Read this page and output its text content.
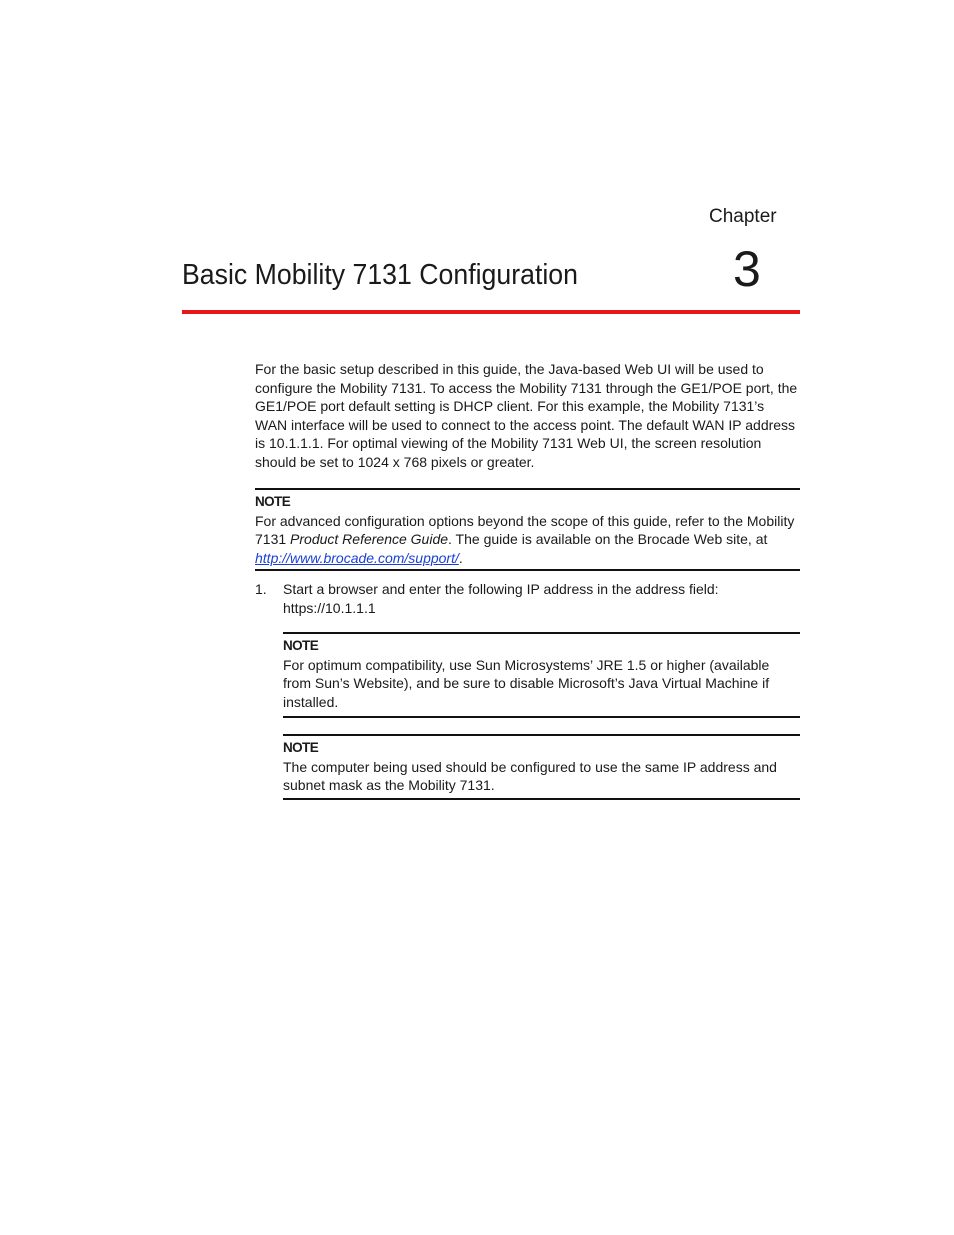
Chapter
3
Basic Mobility 7131 Configuration
For the basic setup described in this guide, the Java-based Web UI will be used to configure the Mobility 7131. To access the Mobility 7131 through the GE1/POE port, the GE1/POE port default setting is DHCP client. For this example, the Mobility 7131’s WAN interface will be used to connect to the access point. The default WAN IP address is 10.1.1.1. For optimal viewing of the Mobility 7131 Web UI, the screen resolution should be set to 1024 x 768 pixels or greater.
NOTE
For advanced configuration options beyond the scope of this guide, refer to the Mobility 7131 Product Reference Guide. The guide is available on the Brocade Web site, at http://www.brocade.com/support/.
1. Start a browser and enter the following IP address in the address field:
https://10.1.1.1
NOTE
For optimum compatibility, use Sun Microsystems’ JRE 1.5 or higher (available from Sun’s Website), and be sure to disable Microsoft’s Java Virtual Machine if installed.
NOTE
The computer being used should be configured to use the same IP address and subnet mask as the Mobility 7131.
